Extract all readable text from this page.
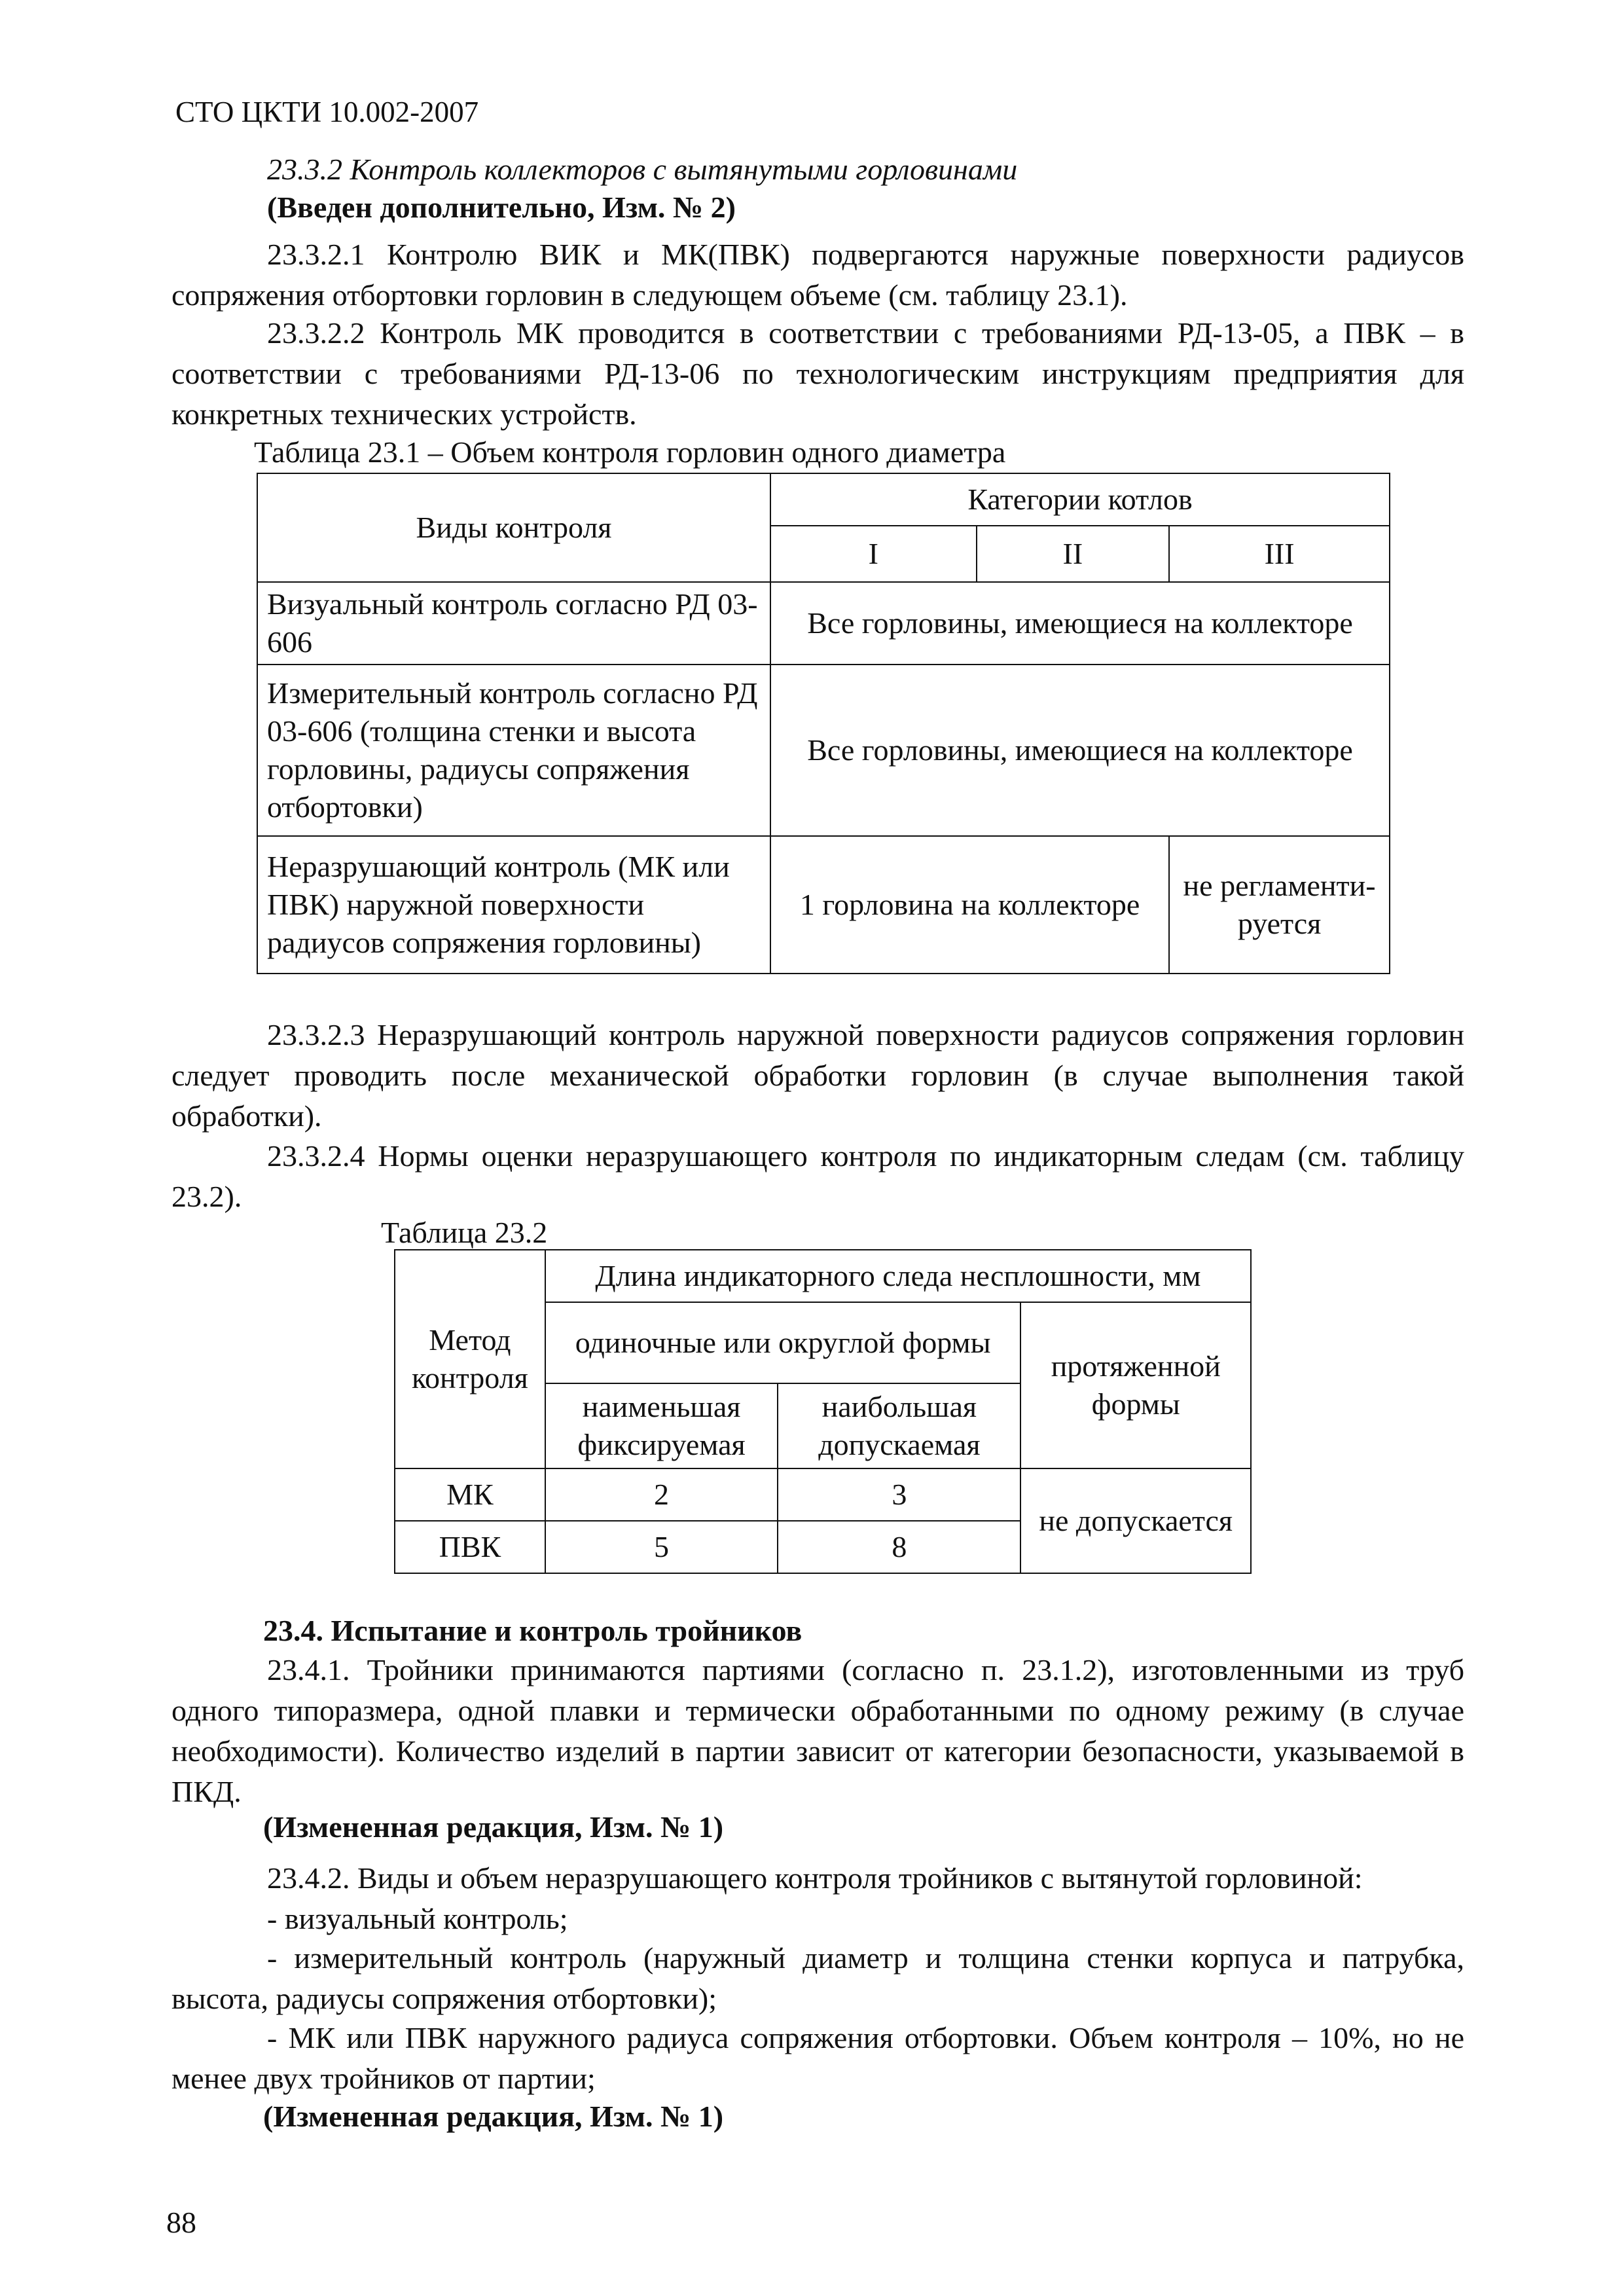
СТО ЦКТИ 10.002-2007
23.3.2 Контроль коллекторов с вытянутыми горловинами
(Введен дополнительно, Изм. № 2)
23.3.2.1 Контролю ВИК и МК(ПВК) подвергаются наружные поверхности радиусов сопряжения отбортовки горловин в следующем объеме (см. таблицу 23.1).
23.3.2.2 Контроль МК проводится в соответствии с требованиями РД-13-05, а ПВК – в соответствии с требованиями РД-13-06 по технологическим инструкциям предприятия для конкретных технических устройств.
Таблица 23.1 – Объем контроля горловин одного диаметра
Виды контроля	Категории котлов		
	I	II	III
Визуальный контроль согласно РД 03-606	Все горловины, имеющиеся на коллекторе		
Измерительный контроль согласно РД 03-606 (толщина стенки и высота горловины, радиусы сопряжения отбортовки)	Все горловины, имеющиеся на коллекторе		
Неразрушающий контроль (МК или ПВК) наружной поверхности радиусов сопряжения горловины)	1 горловина на коллекторе		не регламенти-руется
23.3.2.3 Неразрушающий контроль наружной поверхности радиусов сопряжения горловин следует проводить после механической обработки горловин (в случае выполнения такой обработки).
23.3.2.4 Нормы оценки неразрушающего контроля по индикаторным следам (см. таблицу 23.2).
Таблица 23.2
Метод контроля	Длина индикаторного следа несплошности, мм		
	одиночные или округлой формы		протяженной формы
	наименьшая фиксируемая	наибольшая допускаемая	
МК	2	3	не допускается
ПВК	5	8	
23.4. Испытание и контроль тройников
23.4.1. Тройники принимаются партиями (согласно п. 23.1.2), изготовленными из труб одного типоразмера, одной плавки и термически обработанными по одному режиму (в случае необходимости). Количество изделий в партии зависит от категории безопасности, указываемой в ПКД.
(Измененная редакция, Изм. № 1)
23.4.2. Виды и объем неразрушающего контроля тройников с вытянутой горловиной:
- визуальный контроль;
- измерительный контроль (наружный диаметр и толщина стенки корпуса и патрубка, высота, радиусы сопряжения отбортовки);
- МК или ПВК наружного радиуса сопряжения отбортовки. Объем контроля – 10%, но не менее двух тройников от партии;
(Измененная редакция, Изм. № 1)
88
